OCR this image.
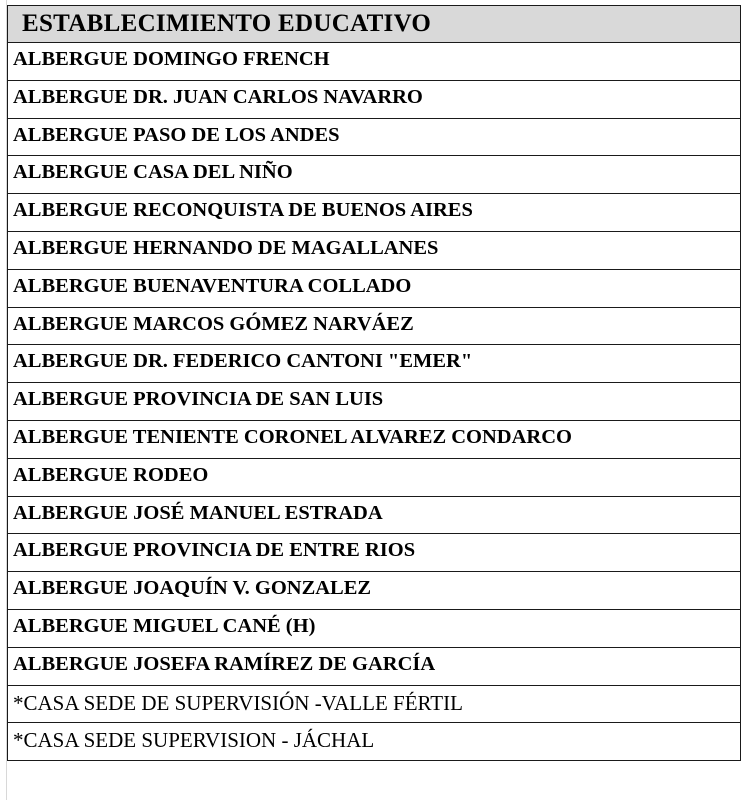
ESTABLECIMIENTO EDUCATIVO
ALBERGUE DOMINGO FRENCH
ALBERGUE DR. JUAN CARLOS NAVARRO
ALBERGUE PASO DE LOS ANDES
ALBERGUE CASA DEL NIÑO
ALBERGUE RECONQUISTA DE BUENOS AIRES
ALBERGUE HERNANDO DE MAGALLANES
ALBERGUE BUENAVENTURA COLLADO
ALBERGUE MARCOS GÓMEZ NARVÁEZ
ALBERGUE DR. FEDERICO CANTONI "EMER"
ALBERGUE PROVINCIA DE SAN LUIS
ALBERGUE TENIENTE CORONEL ALVAREZ CONDARCO
ALBERGUE RODEO
ALBERGUE JOSÉ MANUEL ESTRADA
ALBERGUE PROVINCIA DE ENTRE RIOS
ALBERGUE JOAQUÍN V. GONZALEZ
ALBERGUE MIGUEL CANÉ (H)
ALBERGUE JOSEFA RAMÍREZ DE GARCÍA
*CASA SEDE DE SUPERVISIÓN -VALLE FÉRTIL
*CASA SEDE SUPERVISION - JÁCHAL
